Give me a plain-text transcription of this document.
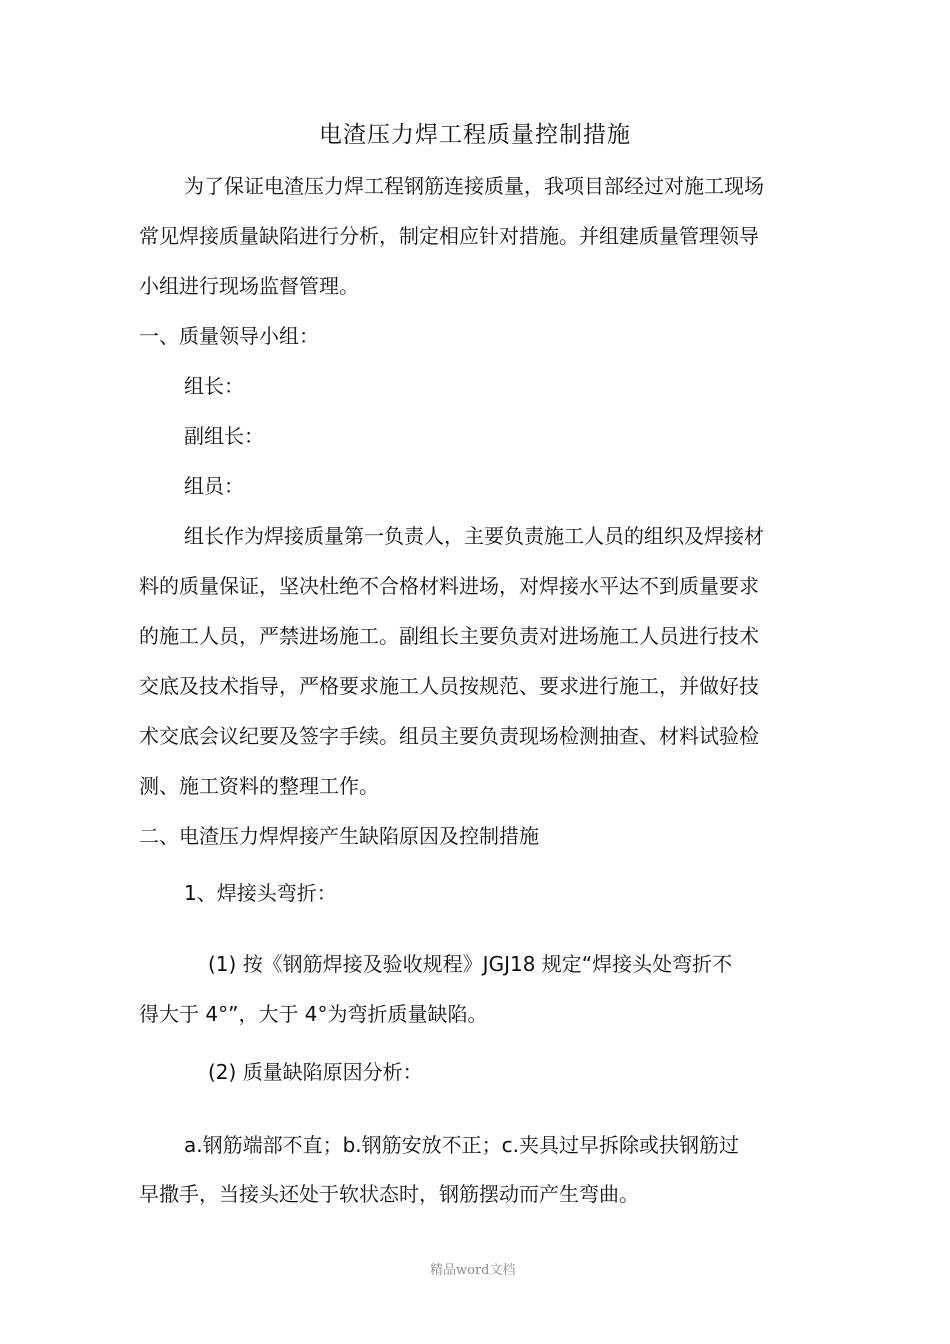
电渣压力焊工程质量控制措施
为了保证电渣压力焊工程钢筋连接质量，我项目部经过对施工现场
常见焊接质量缺陷进行分析，制定相应针对措施。并组建质量管理领导
小组进行现场监督管理。
一、质量领导小组：
组长：
副组长：
组员：
组长作为焊接质量第一负责人，主要负责施工人员的组织及焊接材
料的质量保证，坚决杜绝不合格材料进场，对焊接水平达不到质量要求
的施工人员，严禁进场施工。副组长主要负责对进场施工人员进行技术
交底及技术指导，严格要求施工人员按规范、要求进行施工，并做好技
术交底会议纪要及签字手续。组员主要负责现场检测抽查、材料试验检
测、施工资料的整理工作。
二、电渣压力焊焊接产生缺陷原因及控制措施
1、焊接头弯折：
(1) 按《钢筋焊接及验收规程》JGJ18 规定“焊接头处弯折不
得大于 4°”，大于 4°为弯折质量缺陷。
(2) 质量缺陷原因分析：
a.钢筋端部不直；b.钢筋安放不正；c.夹具过早拆除或扶钢筋过
早撒手，当接头还处于软状态时，钢筋摆动而产生弯曲。
精品word文档
